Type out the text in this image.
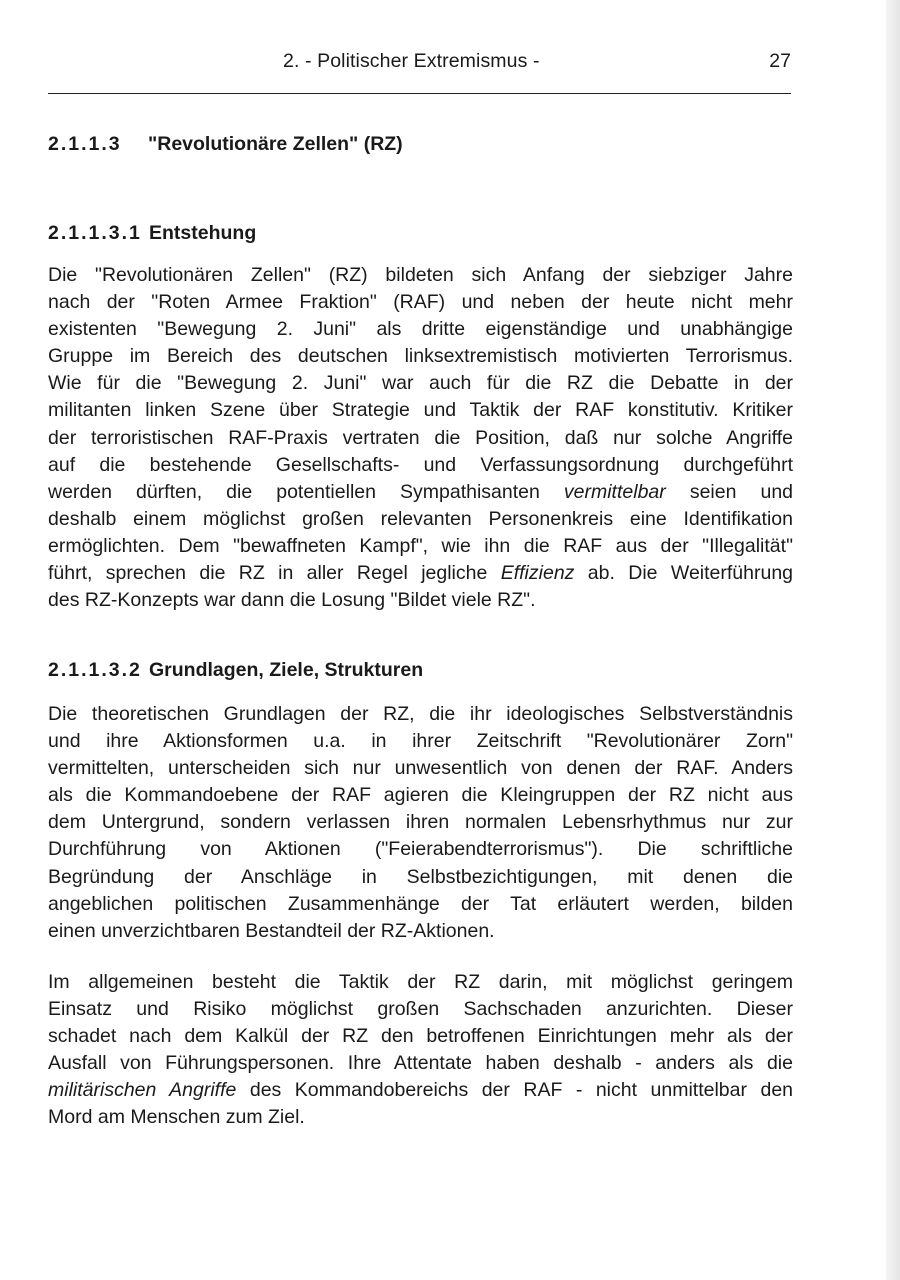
2. - Politischer Extremismus -	27
2.1.1.3 "Revolutionäre Zellen" (RZ)
2.1.1.3.1 Entstehung
Die "Revolutionären Zellen" (RZ) bildeten sich Anfang der siebziger Jahre
nach der "Roten Armee Fraktion" (RAF) und neben der heute nicht mehr
existenten "Bewegung 2. Juni" als dritte eigenständige und unabhängige
Gruppe im Bereich des deutschen linksextremistisch motivierten Terrorismus.
Wie für die "Bewegung 2. Juni" war auch für die RZ die Debatte in der
militanten linken Szene über Strategie und Taktik der RAF konstitutiv. Kritiker
der terroristischen RAF-Praxis vertraten die Position, daß nur solche Angriffe
auf die bestehende Gesellschafts- und Verfassungsordnung durchgeführt
werden dürften, die potentiellen Sympathisanten vermittelbar seien und
deshalb einem möglichst großen relevanten Personenkreis eine Identifikation
ermöglichten. Dem "bewaffneten Kampf", wie ihn die RAF aus der "Illegalität"
führt, sprechen die RZ in aller Regel jegliche Effizienz ab. Die Weiterführung
des RZ-Konzepts war dann die Losung "Bildet viele RZ".
2.1.1.3.2 Grundlagen, Ziele, Strukturen
Die theoretischen Grundlagen der RZ, die ihr ideologisches Selbstverständnis
und ihre Aktionsformen u.a. in ihrer Zeitschrift "Revolutionärer Zorn"
vermittelten, unterscheiden sich nur unwesentlich von denen der RAF. Anders
als die Kommandoebene der RAF agieren die Kleingruppen der RZ nicht aus
dem Untergrund, sondern verlassen ihren normalen Lebensrhythmus nur zur
Durchführung von Aktionen ("Feierabendterrorismus"). Die schriftliche
Begründung der Anschläge in Selbstbezichtigungen, mit denen die
angeblichen politischen Zusammenhänge der Tat erläutert werden, bilden
einen unverzichtbaren Bestandteil der RZ-Aktionen.
Im allgemeinen besteht die Taktik der RZ darin, mit möglichst geringem
Einsatz und Risiko möglichst großen Sachschaden anzurichten. Dieser
schadet nach dem Kalkül der RZ den betroffenen Einrichtungen mehr als der
Ausfall von Führungspersonen. Ihre Attentate haben deshalb - anders als die
militärischen Angriffe des Kommandobereichs der RAF - nicht unmittelbar den
Mord am Menschen zum Ziel.
